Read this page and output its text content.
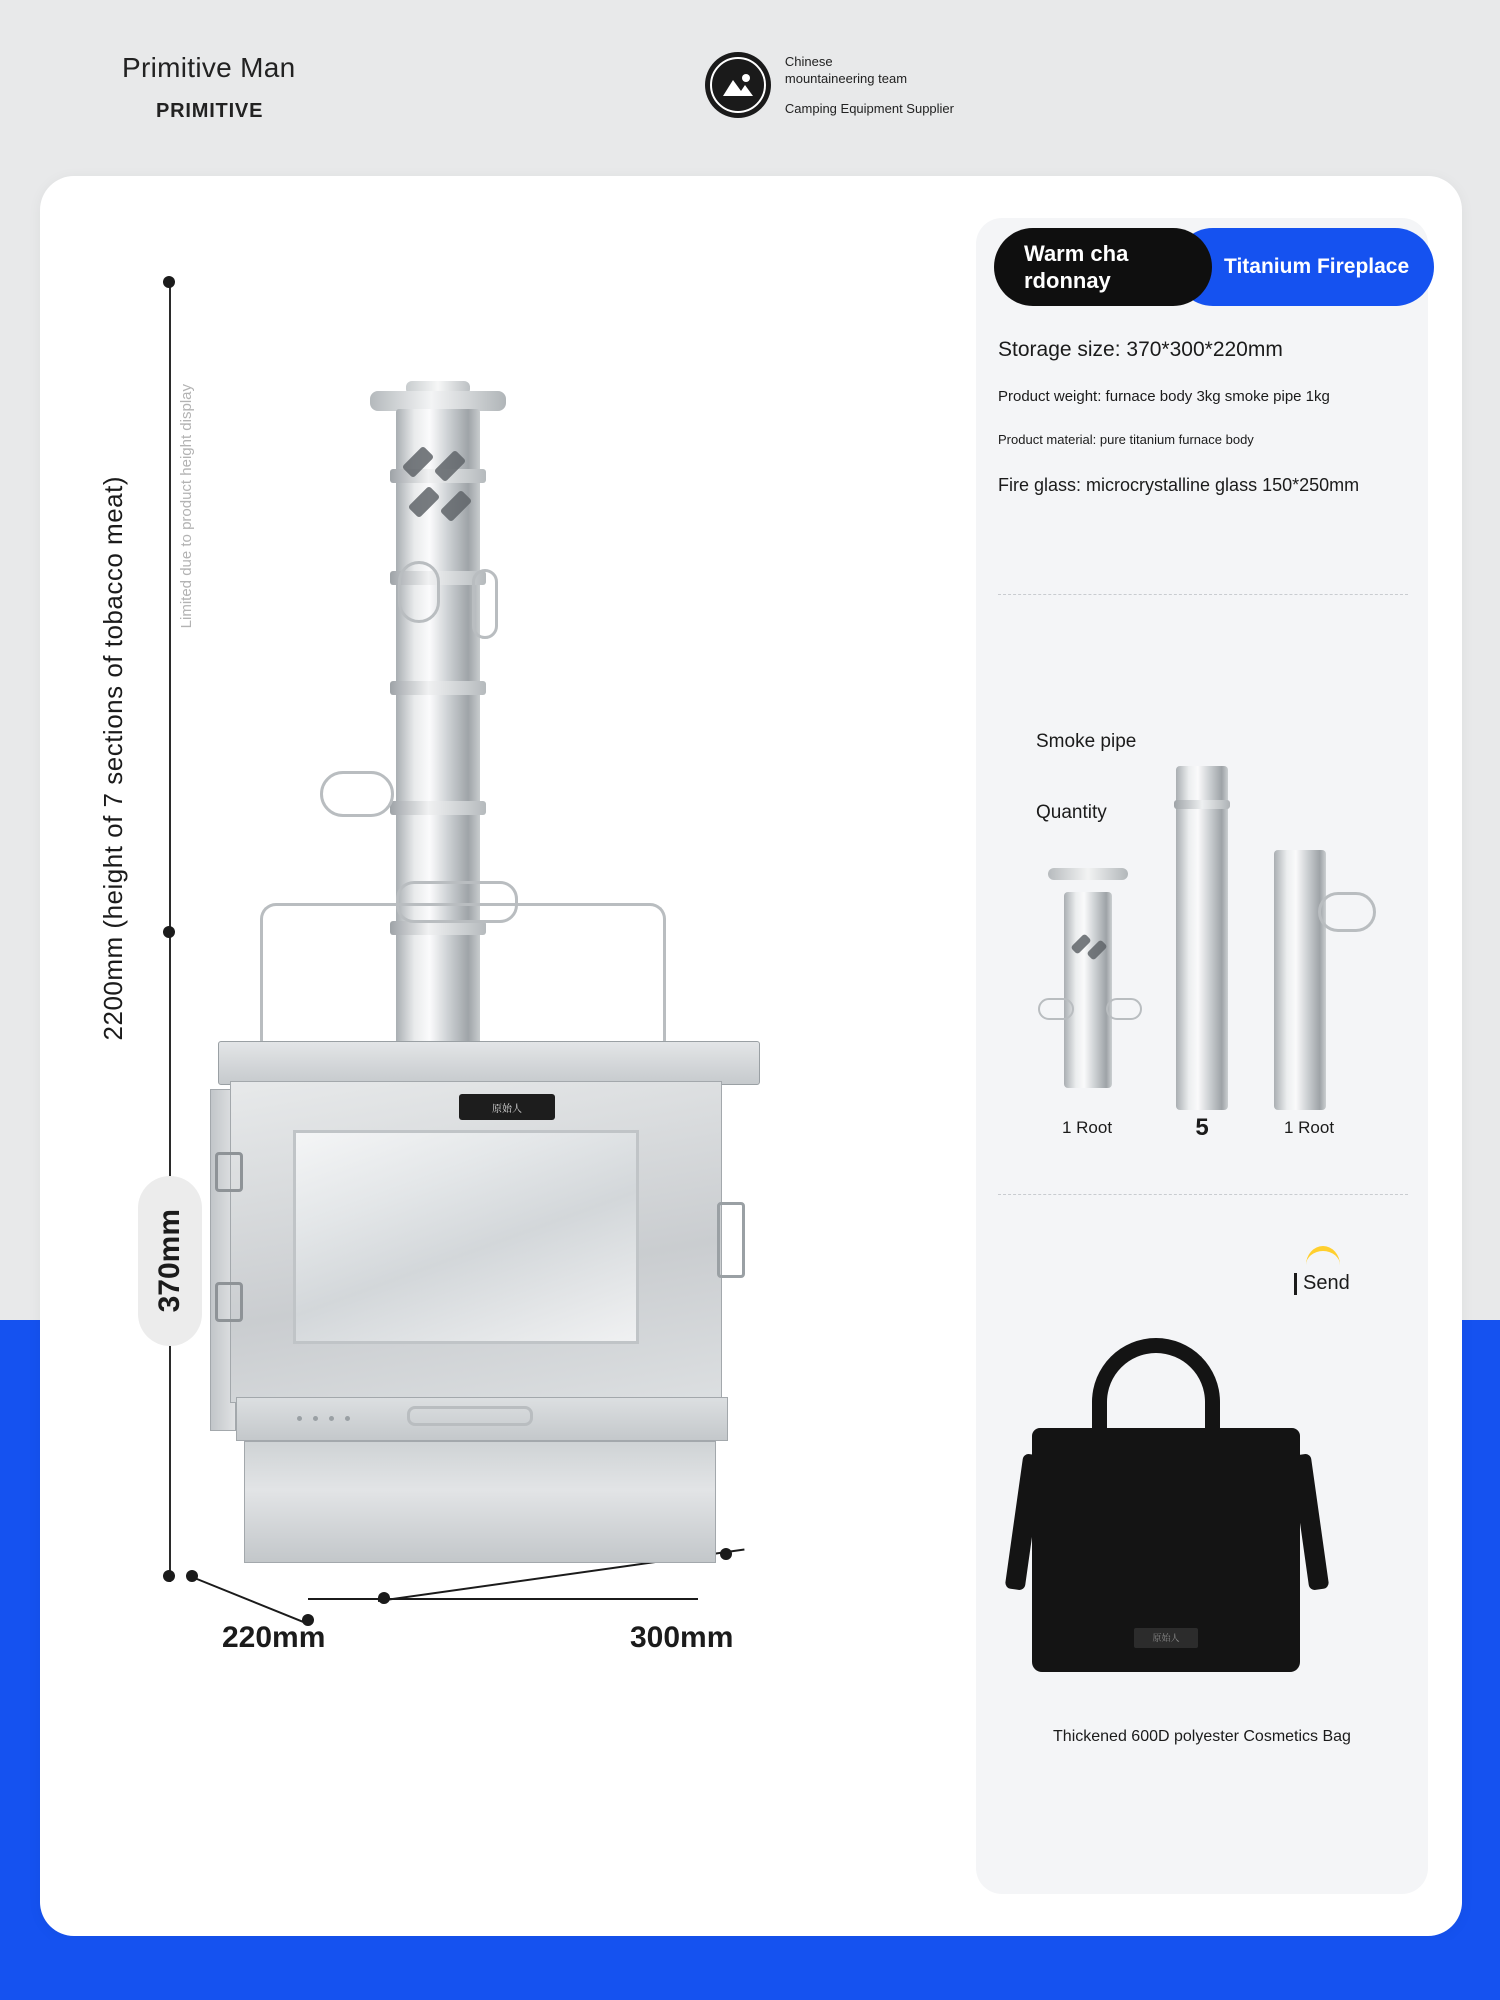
Primitive Man
PRIMITIVE
Chinese
mountaineering team
Camping Equipment Supplier
2200mm (height of 7 sections of tobacco meat)	Limited due to product height display
370mm
220mm	300mm
原始人
Titanium Fireplace
Warm cha rdonnay
Storage size: 370*300*220mm
Product weight: furnace body 3kg smoke pipe 1kg
Product material: pure titanium furnace body
Fire glass: microcrystalline glass 150*250mm
Smoke pipe
Quantity
1 Root	5	1 Root
Send
原始人
Thickened 600D polyester Cosmetics Bag
